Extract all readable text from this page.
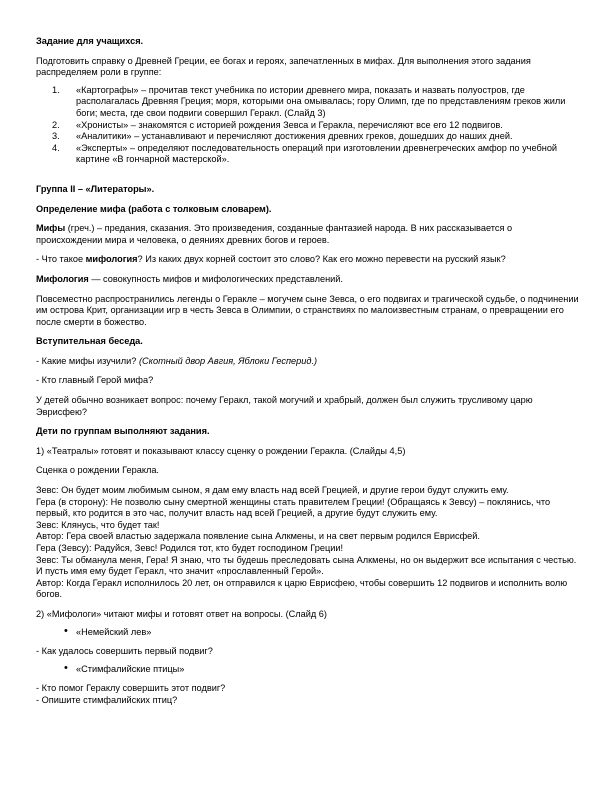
Задание для учащихся.

Подготовить справку о Древней Греции, ее богах и героях, запечатленных в мифах. Для выполнения этого задания распределяем роли в группе:

«Картографы» – прочитав текст учебника по истории древнего мира, показать и назвать полуостров, где располагалась Древняя Греция; моря, которыми она омывалась; гору Олимп, где по представлениям греков жили боги; места, где свои подвиги совершил Геракл. (Слайд 3)
«Хронисты» – знакомятся с историей рождения Зевса и Геракла, перечисляют все его 12 подвигов.
«Аналитики» – устанавливают и перечисляют достижения древних греков, дошедших до наших дней.
«Эксперты» – определяют последовательность операций при изготовлении древнегреческих амфор по учебной картине «В гончарной мастерской».

Группа II – «Литераторы».

Определение мифа (работа с толковым словарем).

Мифы (греч.) – предания, сказания. Это произведения, созданные фантазией народа. В них рассказывается о происхождении мира и человека, о деяниях древних богов и героев.

- Что такое мифология? Из каких двух корней состоит это слово? Как его можно перевести на русский язык?

Мифология — совокупность мифов и мифологических представлений.

Повсеместно распространились легенды о Геракле – могучем сыне Зевса, о его подвигах и трагической судьбе, о подчинении им острова Крит, организации игр в честь Зевса в Олимпии, о странствиях по малоизвестным странам, о превращении его после смерти в божество.

Вступительная беседа.

- Какие мифы изучили? (Скотный двор Авгия, Яблоки Гесперид.)

- Кто главный Герой мифа?

У детей обычно возникает вопрос: почему Геракл, такой могучий и храбрый, должен был служить трусливому царю Эврисфею?

Дети по группам выполняют задания.

1) «Театралы» готовят и показывают классу сценку о рождении Геракла. (Слайды 4,5)

Сценка о рождении Геракла.

Зевс: Он будет моим любимым сыном, я дам ему власть над всей Грецией, и другие герои будут служить ему.

Гера (в сторону): Не позволю сыну смертной женщины стать правителем Греции! (Обращаясь к Зевсу) – поклянись, что первый, кто родится в это час, получит власть над всей Грецией, а другие будут служить ему.

Зевс: Клянусь, что будет так!

Автор: Гера своей властью задержала появление сына Алкмены, и на свет первым родился Еврисфей.

Гера (Зевсу): Радуйся, Зевс! Родился тот, кто будет господином Греции!

Зевс: Ты обманула меня, Гера! Я знаю, что ты будешь преследовать сына Алкмены, но он выдержит все испытания с честью. И пусть имя ему будет Геракл, что значит «прославленный Герой».

Автор: Когда Геракл исполнилось 20 лет, он отправился к царю Еврисфею, чтобы совершить 12 подвигов и исполнить волю богов.

2) «Мифологи» читают мифы и готовят ответ на вопросы. (Слайд 6)

• «Немейский лев»

- Как удалось совершить первый подвиг?

• «Стимфалийские птицы»

- Кто помог Гераклу совершить этот подвиг?

- Опишите стимфалийских птиц?
